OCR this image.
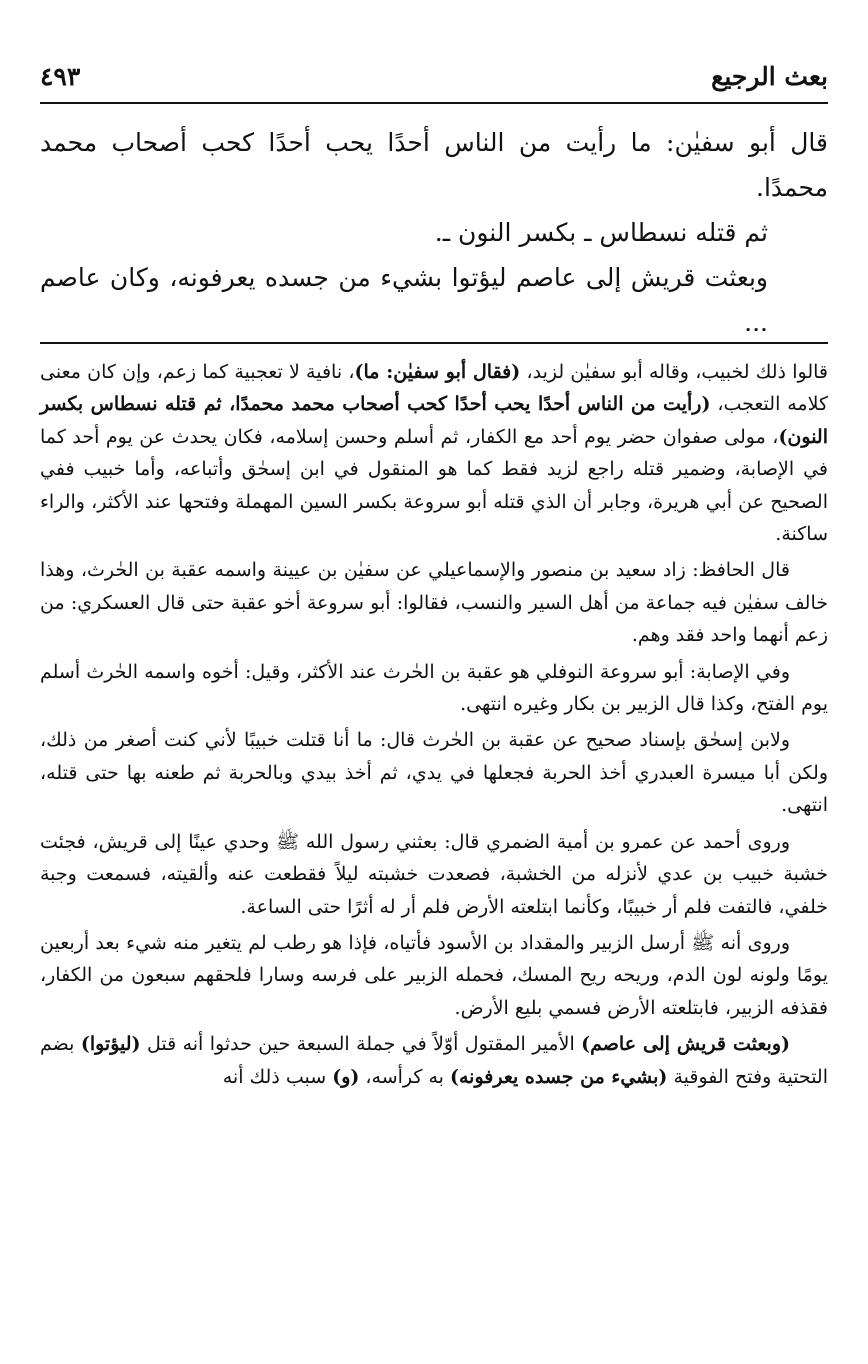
بعث الرجيع
٤٩٣

قال أبو سفيٰن: ما رأيت من الناس أحدًا يحب أحدًا كحب أصحاب محمد محمدًا.

ثم قتله نسطاس ـ بكسر النون ـ.

وبعثت قريش إلى عاصم ليؤتوا بشيء من جسده يعرفونه، وكان عاصم ...

قالوا ذلك لخبيب، وقاله أبو سفيٰن لزيد، (فقال أبو سفيٰن: ما)، نافية لا تعجبية كما زعم، وإن كان معنى كلامه التعجب، (رأيت من الناس أحدًا يحب أحدًا كحب أصحاب محمد محمدًا، ثم قتله نسطاس بكسر النون)، مولى صفوان حضر يوم أحد مع الكفار، ثم أسلم وحسن إسلامه، فكان يحدث عن يوم أحد كما في الإصابة، وضمير قتله راجع لزيد فقط كما هو المنقول في ابن إسحٰق وأتباعه، وأما خبيب ففي الصحيح عن أبي هريرة، وجابر أن الذي قتله أبو سروعة بكسر السين المهملة وفتحها عند الأكثر، والراء ساكنة.

قال الحافظ: زاد سعيد بن منصور والإسماعيلي عن سفيٰن بن عيينة واسمه عقبة بن الحٰرث، وهذا خالف سفيٰن فيه جماعة من أهل السير والنسب، فقالوا: أبو سروعة أخو عقبة حتى قال العسكري: من زعم أنهما واحد فقد وهم.

وفي الإصابة: أبو سروعة النوفلي هو عقبة بن الحٰرث عند الأكثر، وقيل: أخوه واسمه الحٰرث أسلم يوم الفتح، وكذا قال الزبير بن بكار وغيره انتهى.

ولابن إسحٰق بإسناد صحيح عن عقبة بن الحٰرث قال: ما أنا قتلت خبيبًا لأني كنت أصغر من ذلك، ولكن أبا ميسرة العبدري أخذ الحربة فجعلها في يدي، ثم أخذ بيدي وبالحربة ثم طعنه بها حتى قتله، انتهى.

وروى أحمد عن عمرو بن أمية الضمري قال: بعثني رسول الله ﷺ وحدي عينًا إلى قريش، فجئت خشبة خبيب بن عدي لأنزله من الخشبة، فصعدت خشبته ليلاً فقطعت عنه وألقيته، فسمعت وجبة خلفي، فالتفت فلم أر خبيبًا، وكأنما ابتلعته الأرض فلم أر له أثرًا حتى الساعة.

وروى أنه ﷺ أرسل الزبير والمقداد بن الأسود فأتياه، فإذا هو رطب لم يتغير منه شيء بعد أربعين يومًا ولونه لون الدم، وريحه ريح المسك، فحمله الزبير على فرسه وسارا فلحقهم سبعون من الكفار، فقذفه الزبير، فابتلعته الأرض فسمي بليع الأرض.

(وبعثت قريش إلى عاصم) الأمير المقتول أوّلاً في جملة السبعة حين حدثوا أنه قتل (ليؤتوا) بضم التحتية وفتح الفوقية (بشيء من جسده يعرفونه) به كرأسه، (و) سبب ذلك أنه
